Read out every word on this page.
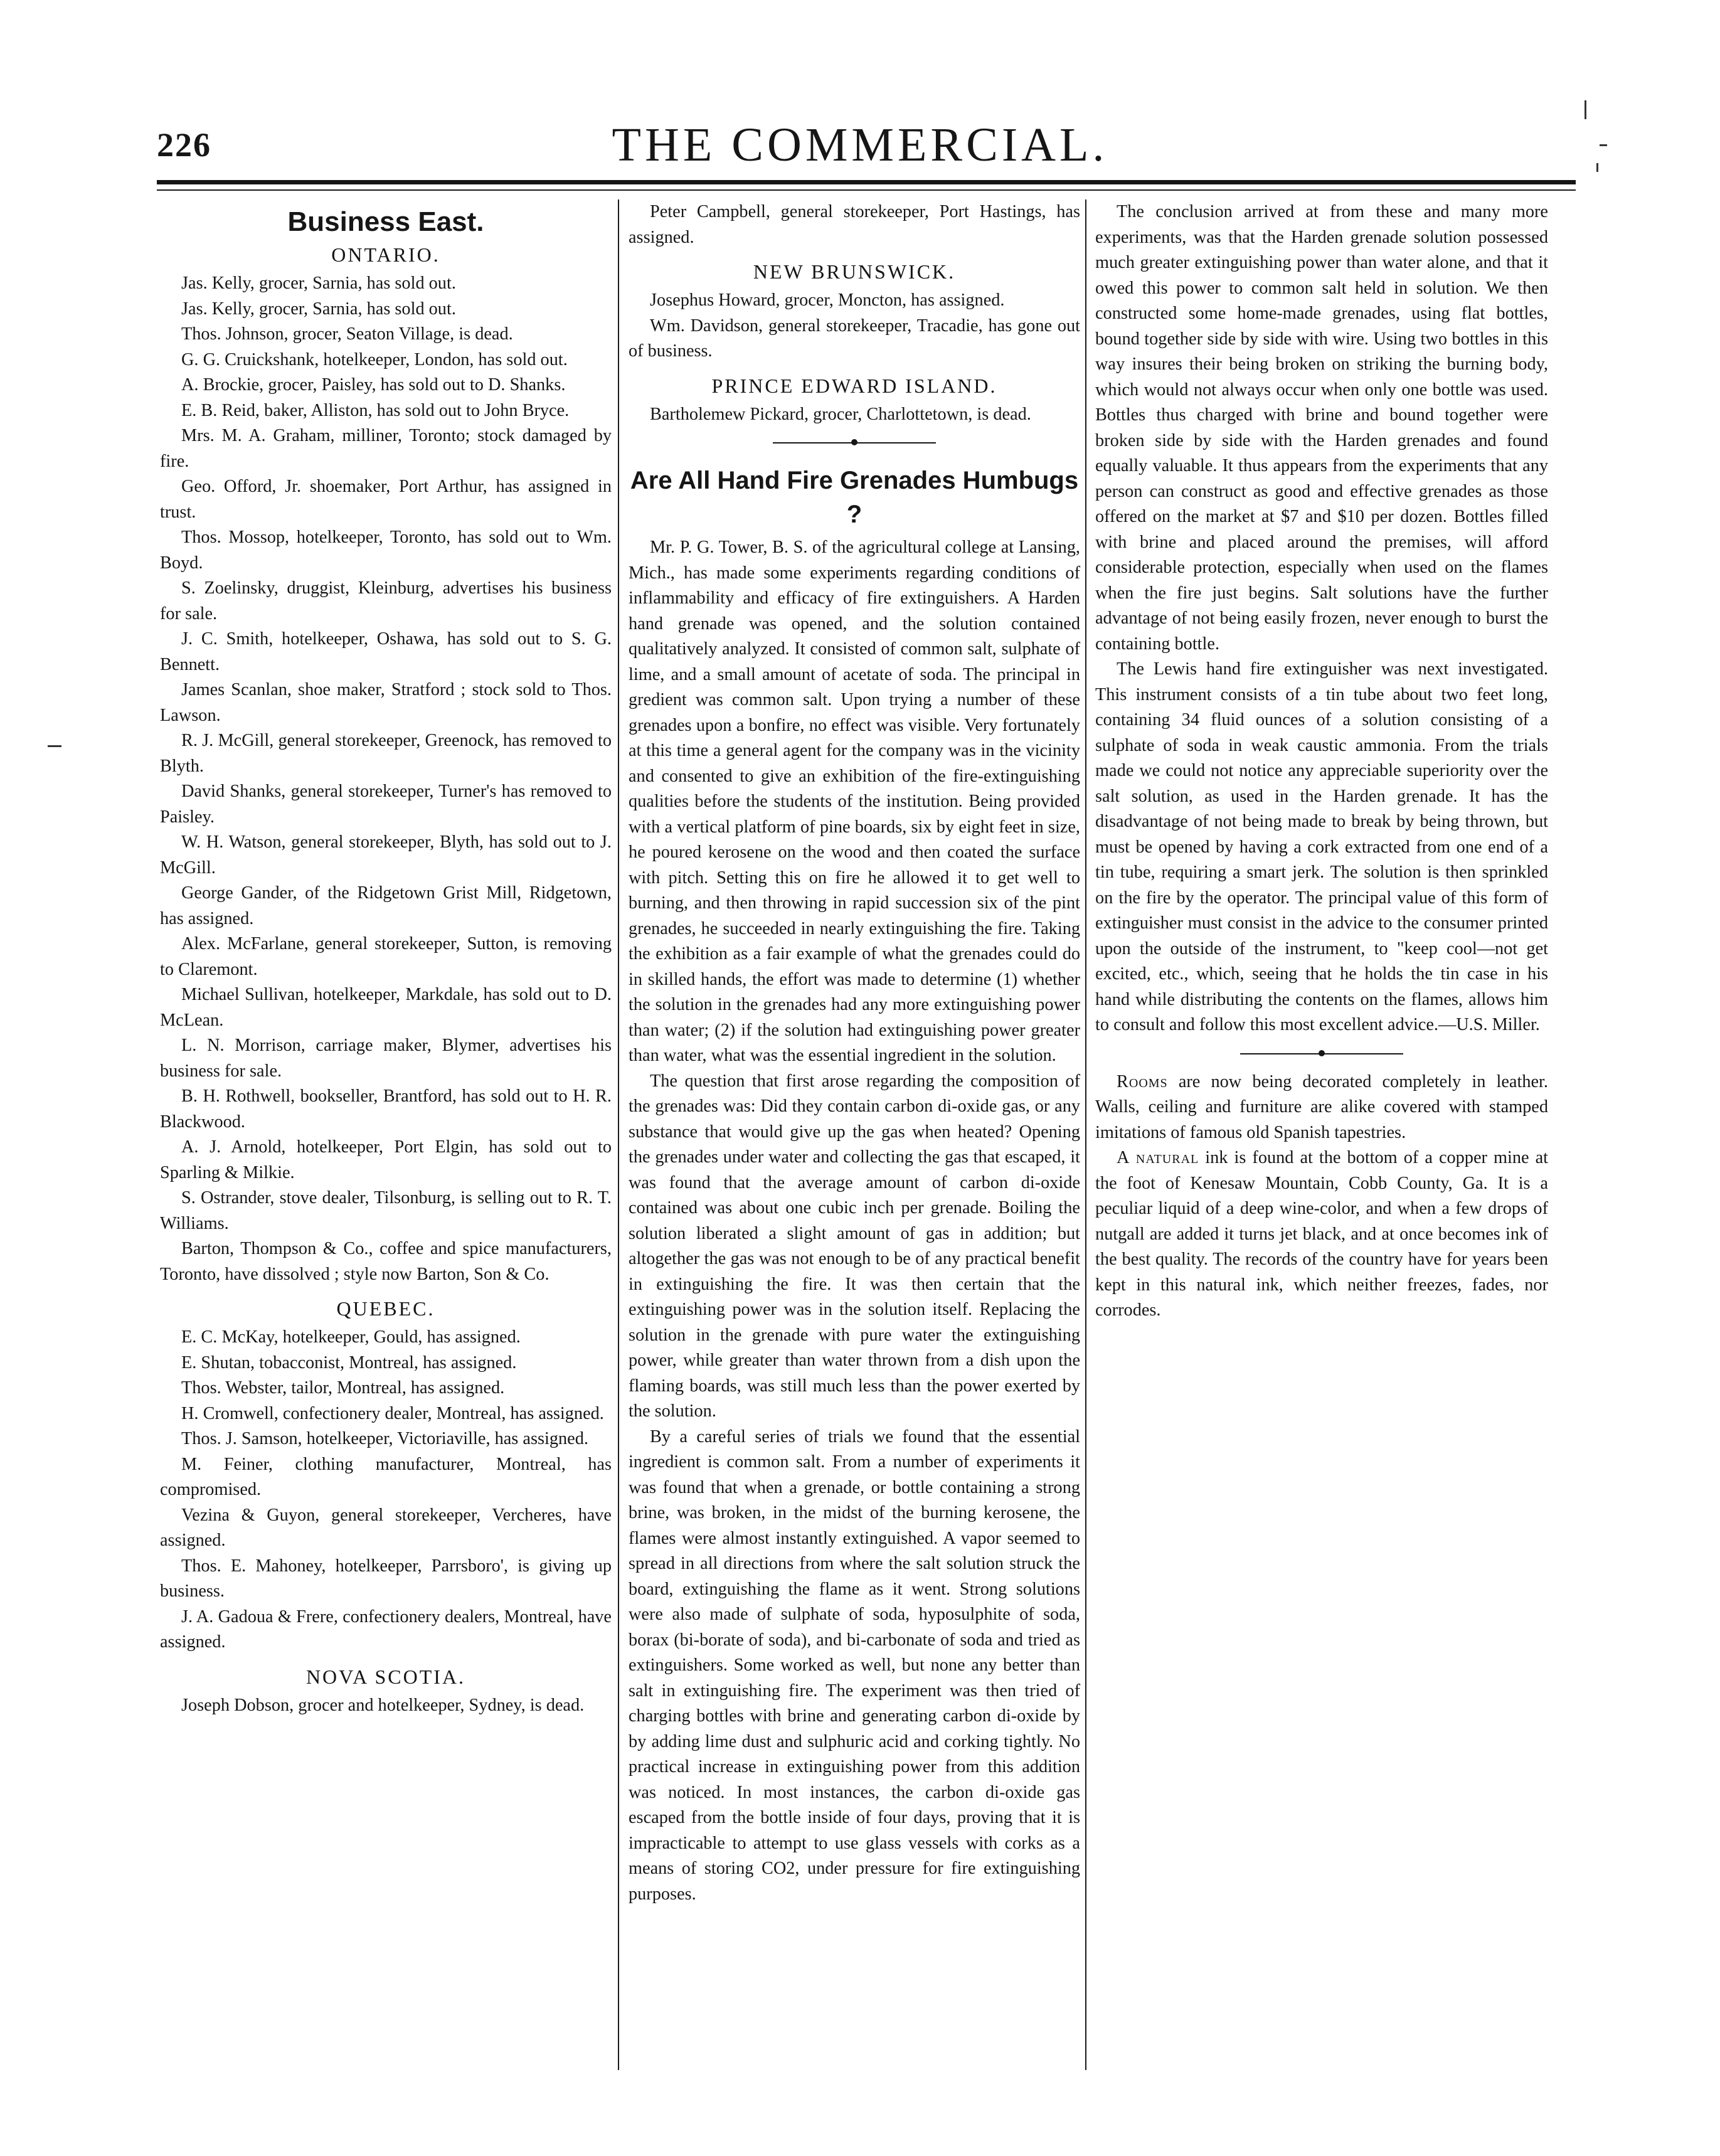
226	THE COMMERCIAL.
Business East.
ONTARIO.

Jas. Kelly, grocer, Sarnia, has sold out.

Jas. Kelly, grocer, Sarnia, has sold out.

Thos. Johnson, grocer, Seaton Village, is dead.

G. G. Cruickshank, hotelkeeper, London, has sold out.

A. Brockie, grocer, Paisley, has sold out to D. Shanks.

E. B. Reid, baker, Alliston, has sold out to John Bryce.

Mrs. M. A. Graham, milliner, Toronto; stock damaged by fire.

Geo. Offord, Jr. shoemaker, Port Arthur, has assigned in trust.

Thos. Mossop, hotelkeeper, Toronto, has sold out to Wm. Boyd.

S. Zoelinsky, druggist, Kleinburg, advertises his business for sale.

J. C. Smith, hotelkeeper, Oshawa, has sold out to S. G. Bennett.

James Scanlan, shoe maker, Stratford ; stock sold to Thos. Lawson.

R. J. McGill, general storekeeper, Greenock, has removed to Blyth.

David Shanks, general storekeeper, Turner's has removed to Paisley.

W. H. Watson, general storekeeper, Blyth, has sold out to J. McGill.

George Gander, of the Ridgetown Grist Mill, Ridgetown, has assigned.

Alex. McFarlane, general storekeeper, Sutton, is removing to Claremont.

Michael Sullivan, hotelkeeper, Markdale, has sold out to D. McLean.

L. N. Morrison, carriage maker, Blymer, advertises his business for sale.

B. H. Rothwell, bookseller, Brantford, has sold out to H. R. Blackwood.

A. J. Arnold, hotelkeeper, Port Elgin, has sold out to Sparling & Milkie.

S. Ostrander, stove dealer, Tilsonburg, is selling out to R. T. Williams.

Barton, Thompson & Co., coffee and spice manufacturers, Toronto, have dissolved ; style now Barton, Son & Co.

QUEBEC.

E. C. McKay, hotelkeeper, Gould, has assigned.

E. Shutan, tobacconist, Montreal, has assigned.

Thos. Webster, tailor, Montreal, has assigned.

H. Cromwell, confectionery dealer, Montreal, has assigned.

Thos. J. Samson, hotelkeeper, Victoriaville, has assigned.

M. Feiner, clothing manufacturer, Montreal, has compromised.

Vezina & Guyon, general storekeeper, Vercheres, have assigned.

Thos. E. Mahoney, hotelkeeper, Parrsboro', is giving up business.

J. A. Gadoua & Frere, confectionery dealers, Montreal, have assigned.

NOVA SCOTIA.

Joseph Dobson, grocer and hotelkeeper, Sydney, is dead.

Peter Campbell, general storekeeper, Port Hastings, has assigned.

NEW BRUNSWICK.

Josephus Howard, grocer, Moncton, has assigned.

Wm. Davidson, general storekeeper, Tracadie, has gone out of business.

PRINCE EDWARD ISLAND.

Bartholemew Pickard, grocer, Charlottetown, is dead.

Are All Hand Fire Grenades Humbugs ?

Mr. P. G. Tower, B. S. of the agricultural college at Lansing, Mich., has made some experiments regarding conditions of inflammability and efficacy of fire extinguishers. A Harden hand grenade was opened, and the solution contained qualitatively analyzed. It consisted of common salt, sulphate of lime, and a small amount of acetate of soda. The principal in gredient was common salt. Upon trying a number of these grenades upon a bonfire, no effect was visible. Very fortunately at this time a general agent for the company was in the vicinity and consented to give an exhibition of the fire-extinguishing qualities before the students of the institution. Being provided with a vertical platform of pine boards, six by eight feet in size, he poured kerosene on the wood and then coated the surface with pitch. Setting this on fire he allowed it to get well to burning, and then throwing in rapid succession six of the pint grenades, he succeeded in nearly extinguishing the fire. Taking the exhibition as a fair example of what the grenades could do in skilled hands, the effort was made to determine (1) whether the solution in the grenades had any more extinguishing power than water; (2) if the solution had extinguishing power greater than water, what was the essential ingredient in the solution.

The question that first arose regarding the composition of the grenades was: Did they contain carbon di-oxide gas, or any substance that would give up the gas when heated? Opening the grenades under water and collecting the gas that escaped, it was found that the average amount of carbon di-oxide contained was about one cubic inch per grenade. Boiling the solution liberated a slight amount of gas in addition; but altogether the gas was not enough to be of any practical benefit in extinguishing the fire. It was then certain that the extinguishing power was in the solution itself. Replacing the solution in the grenade with pure water the extinguishing power, while greater than water thrown from a dish upon the flaming boards, was still much less than the power exerted by the solution.

By a careful series of trials we found that the essential ingredient is common salt. From a number of experiments it was found that when a grenade, or bottle containing a strong brine, was broken, in the midst of the burning kerosene, the flames were almost instantly extinguished. A vapor seemed to spread in all directions from where the salt solution struck the board, extinguishing the flame as it went. Strong solutions were also made of sulphate of soda, hyposulphite of soda, borax (bi-borate of soda), and bi-carbonate of soda and tried as extinguishers. Some worked as well, but none any better than salt in extinguishing fire. The experiment was then tried of charging bottles with brine and generating carbon di-oxide by by adding lime dust and sulphuric acid and corking tightly. No practical increase in extinguishing power from this addition was noticed. In most instances, the carbon di-oxide gas escaped from the bottle inside of four days, proving that it is impracticable to attempt to use glass vessels with corks as a means of storing CO2, under pressure for fire extinguishing purposes.

The conclusion arrived at from these and many more experiments, was that the Harden grenade solution possessed much greater extinguishing power than water alone, and that it owed this power to common salt held in solution. We then constructed some home-made grenades, using flat bottles, bound together side by side with wire. Using two bottles in this way insures their being broken on striking the burning body, which would not always occur when only one bottle was used. Bottles thus charged with brine and bound together were broken side by side with the Harden grenades and found equally valuable. It thus appears from the experiments that any person can construct as good and effective grenades as those offered on the market at $7 and $10 per dozen. Bottles filled with brine and placed around the premises, will afford considerable protection, especially when used on the flames when the fire just begins. Salt solutions have the further advantage of not being easily frozen, never enough to burst the containing bottle.

The Lewis hand fire extinguisher was next investigated. This instrument consists of a tin tube about two feet long, containing 34 fluid ounces of a solution consisting of a sulphate of soda in weak caustic ammonia. From the trials made we could not notice any appreciable superiority over the salt solution, as used in the Harden grenade. It has the disadvantage of not being made to break by being thrown, but must be opened by having a cork extracted from one end of a tin tube, requiring a smart jerk. The solution is then sprinkled on the fire by the operator. The principal value of this form of extinguisher must consist in the advice to the consumer printed upon the outside of the instrument, to "keep cool—not get excited, etc., which, seeing that he holds the tin case in his hand while distributing the contents on the flames, allows him to consult and follow this most excellent advice.—U.S. Miller.

Rooms are now being decorated completely in leather. Walls, ceiling and furniture are alike covered with stamped imitations of famous old Spanish tapestries.

A natural ink is found at the bottom of a copper mine at the foot of Kenesaw Mountain, Cobb County, Ga. It is a peculiar liquid of a deep wine-color, and when a few drops of nutgall are added it turns jet black, and at once becomes ink of the best quality. The records of the country have for years been kept in this natural ink, which neither freezes, fades, nor corrodes.
